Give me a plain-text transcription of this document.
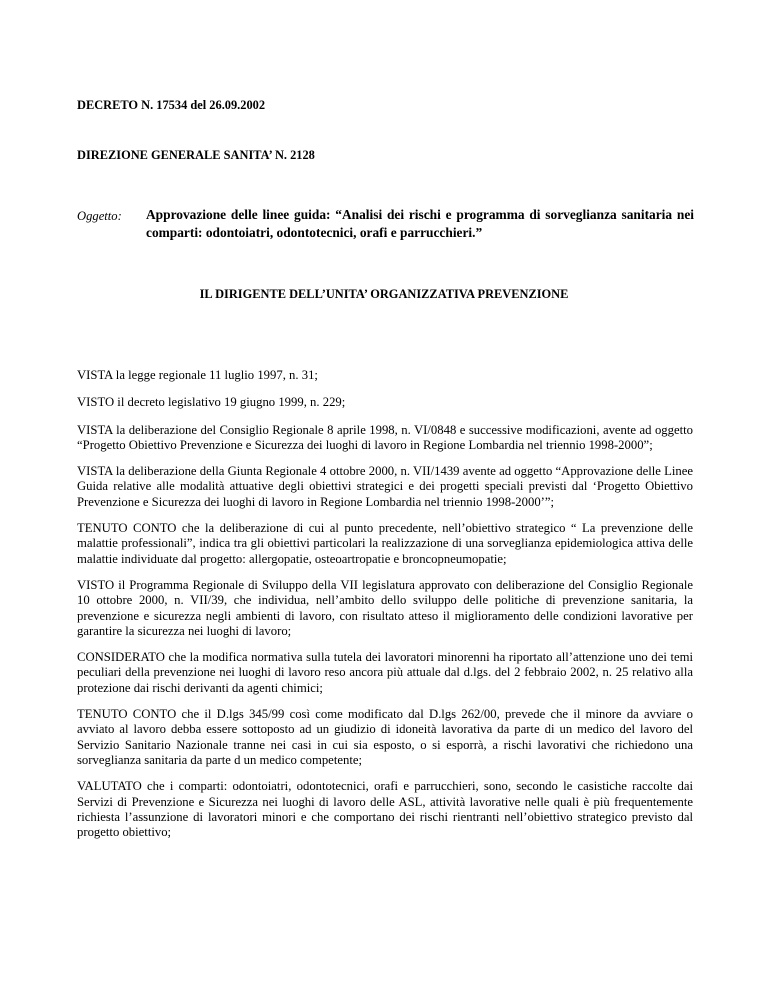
DECRETO N. 17534 del 26.09.2002
DIREZIONE GENERALE SANITA’ N. 2128
Oggetto: Approvazione delle linee guida: “Analisi dei rischi e programma di sorveglianza sanitaria nei comparti: odontoiatri, odontotecnici, orafi e parrucchieri.”
IL DIRIGENTE DELL’UNITA’ ORGANIZZATIVA PREVENZIONE

VISTA la legge regionale 11 luglio 1997, n. 31;

VISTO il decreto legislativo 19 giugno 1999, n. 229;

VISTA la deliberazione del Consiglio Regionale 8 aprile 1998, n. VI/0848 e successive modificazioni, avente ad oggetto “Progetto Obiettivo Prevenzione e Sicurezza dei luoghi di lavoro in Regione Lombardia nel triennio 1998-2000”;

VISTA la deliberazione della Giunta Regionale 4 ottobre 2000, n. VII/1439 avente ad oggetto “Approvazione delle Linee Guida relative alle modalità attuative degli obiettivi strategici e dei progetti speciali previsti dal ‘Progetto Obiettivo Prevenzione e Sicurezza dei luoghi di lavoro in Regione Lombardia nel triennio 1998-2000’”;

TENUTO CONTO che la deliberazione di cui al punto precedente, nell’obiettivo strategico “ La prevenzione delle malattie professionali”, indica tra gli obiettivi particolari la realizzazione di una sorveglianza epidemiologica attiva delle malattie individuate dal progetto: allergopatie, osteoartropatie e broncopneumopatie;

VISTO il Programma Regionale di Sviluppo della VII legislatura approvato con deliberazione del Consiglio Regionale 10 ottobre 2000, n. VII/39, che individua, nell’ambito dello sviluppo delle politiche di prevenzione sanitaria, la prevenzione e sicurezza negli ambienti di lavoro, con risultato atteso il miglioramento delle condizioni lavorative per garantire la sicurezza nei luoghi di lavoro;

CONSIDERATO che la modifica normativa sulla tutela dei lavoratori minorenni ha riportato all’attenzione uno dei temi peculiari della prevenzione nei luoghi di lavoro reso ancora più attuale dal d.lgs. del 2 febbraio 2002, n. 25 relativo alla protezione dai rischi derivanti da agenti chimici;

TENUTO CONTO che il D.lgs 345/99 così come modificato dal D.lgs 262/00, prevede che il minore da avviare o avviato al lavoro debba essere sottoposto ad un giudizio di idoneità lavorativa da parte di un medico del lavoro del Servizio Sanitario Nazionale tranne nei casi in cui sia esposto, o si esporrà, a rischi lavorativi che richiedono una sorveglianza sanitaria da parte d un medico competente;

VALUTATO che i comparti: odontoiatri, odontotecnici, orafi e parrucchieri, sono, secondo le casistiche raccolte dai Servizi di Prevenzione e Sicurezza nei luoghi di lavoro delle ASL, attività lavorative nelle quali è più frequentemente richiesta l’assunzione di lavoratori minori e che comportano dei rischi rientranti nell’obiettivo strategico previsto dal progetto obiettivo;
